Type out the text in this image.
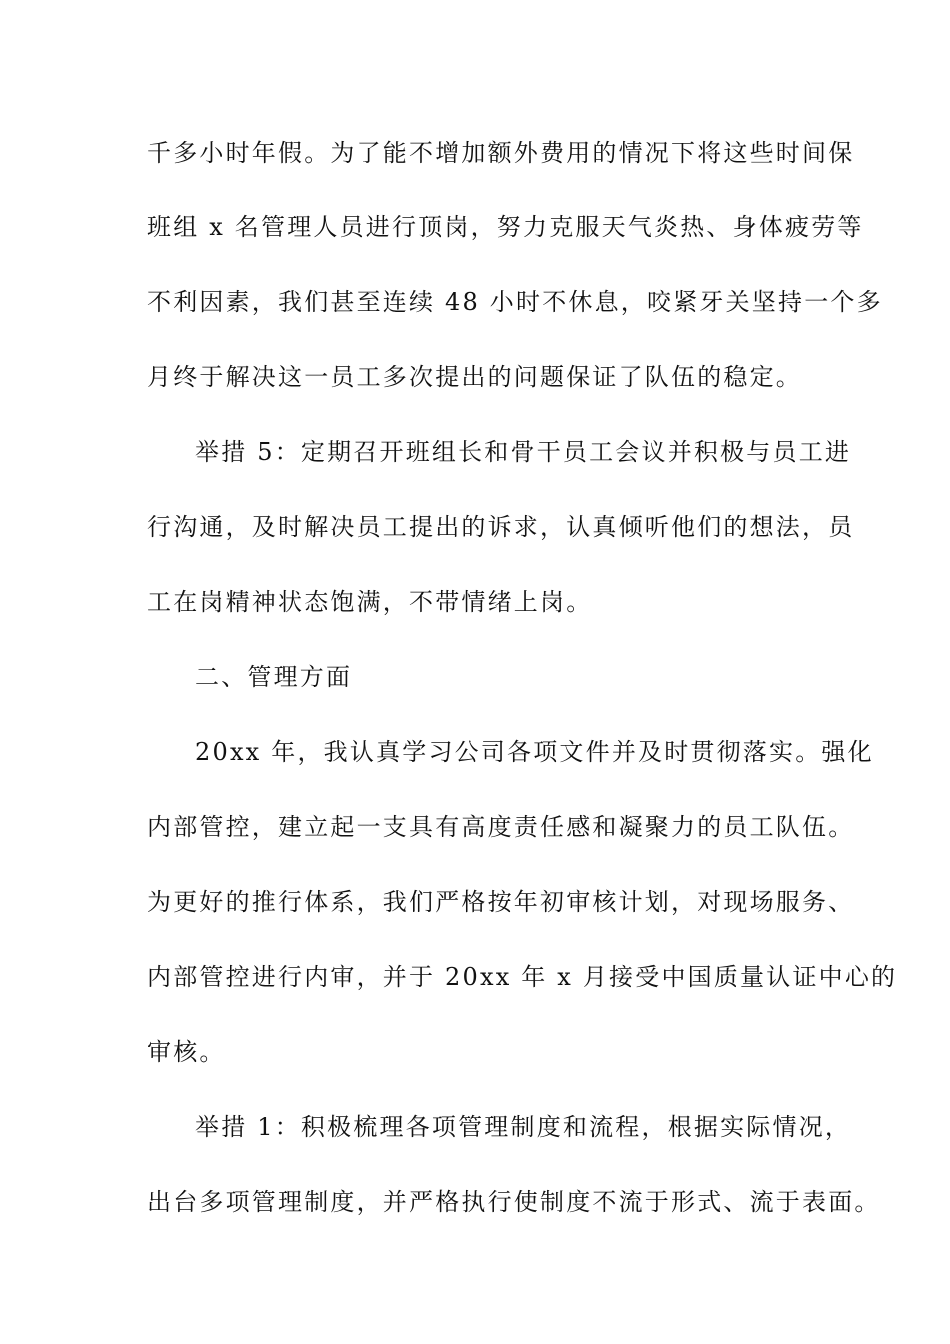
千多小时年假。为了能不增加额外费用的情况下将这些时间保
班组 x 名管理人员进行顶岗，努力克服天气炎热、身体疲劳等
不利因素，我们甚至连续 48 小时不休息，咬紧牙关坚持一个多
月终于解决这一员工多次提出的问题保证了队伍的稳定。
举措 5：定期召开班组长和骨干员工会议并积极与员工进
行沟通，及时解决员工提出的诉求，认真倾听他们的想法，员
工在岗精神状态饱满，不带情绪上岗。
二、管理方面
20xx 年，我认真学习公司各项文件并及时贯彻落实。强化
内部管控，建立起一支具有高度责任感和凝聚力的员工队伍。
为更好的推行体系，我们严格按年初审核计划，对现场服务、
内部管控进行内审，并于 20xx 年 x 月接受中国质量认证中心的
审核。
举措 1：积极梳理各项管理制度和流程，根据实际情况，
出台多项管理制度，并严格执行使制度不流于形式、流于表面。
